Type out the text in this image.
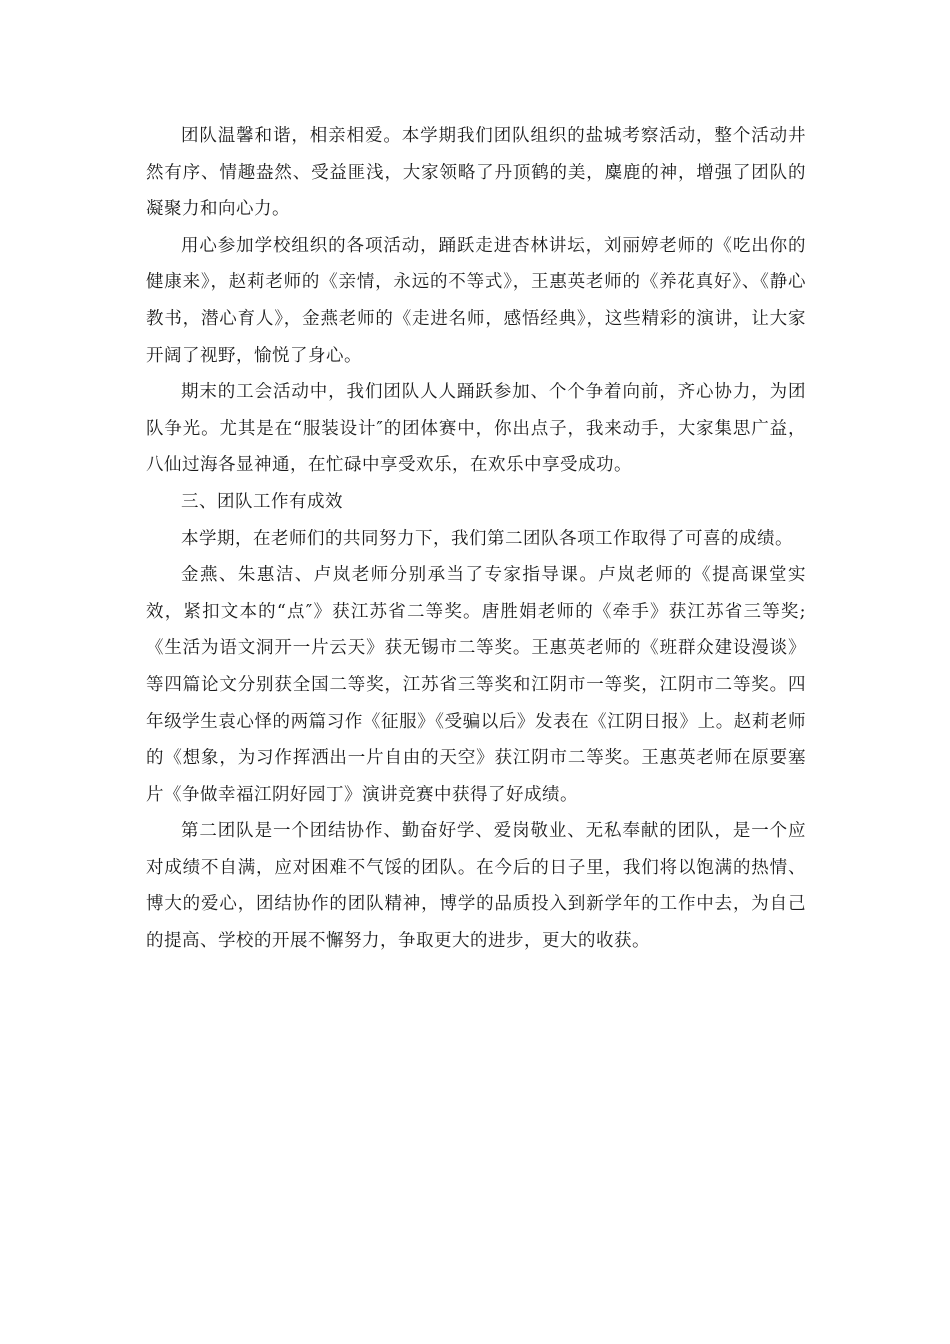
团队温馨和谐，相亲相爱。本学期我们团队组织的盐城考察活动，整个活动井然有序、情趣盎然、受益匪浅，大家领略了丹顶鹤的美，麋鹿的神，增强了团队的凝聚力和向心力。

用心参加学校组织的各项活动，踊跃走进杏林讲坛，刘丽婷老师的《吃出你的健康来》，赵莉老师的《亲情，永远的不等式》，王惠英老师的《养花真好》、《静心教书，潜心育人》，金燕老师的《走进名师，感悟经典》，这些精彩的演讲，让大家开阔了视野，愉悦了身心。

期末的工会活动中，我们团队人人踊跃参加、个个争着向前，齐心协力，为团队争光。尤其是在“服装设计″的团体赛中，你出点子，我来动手，大家集思广益，八仙过海各显神通，在忙碌中享受欢乐，在欢乐中享受成功。

三、团队工作有成效

本学期，在老师们的共同努力下，我们第二团队各项工作取得了可喜的成绩。

金燕、朱惠洁、卢岚老师分别承当了专家指导课。卢岚老师的《提高课堂实效，紧扣文本的“点″》获江苏省二等奖。唐胜娟老师的《牵手》获江苏省三等奖;《生活为语文洞开一片云天》获无锡市二等奖。王惠英老师的《班群众建设漫谈》等四篇论文分别获全国二等奖，江苏省三等奖和江阴市一等奖，江阴市二等奖。四年级学生袁心怿的两篇习作《征服》《受骗以后》发表在《江阴日报》上。赵莉老师的《想象，为习作挥洒出一片自由的天空》获江阴市二等奖。王惠英老师在原要塞片《争做幸福江阴好园丁》演讲竞赛中获得了好成绩。

第二团队是一个团结协作、勤奋好学、爱岗敬业、无私奉献的团队，是一个应对成绩不自满，应对困难不气馁的团队。在今后的日子里，我们将以饱满的热情、博大的爱心，团结协作的团队精神，博学的品质投入到新学年的工作中去，为自己的提高、学校的开展不懈努力，争取更大的进步，更大的收获。
